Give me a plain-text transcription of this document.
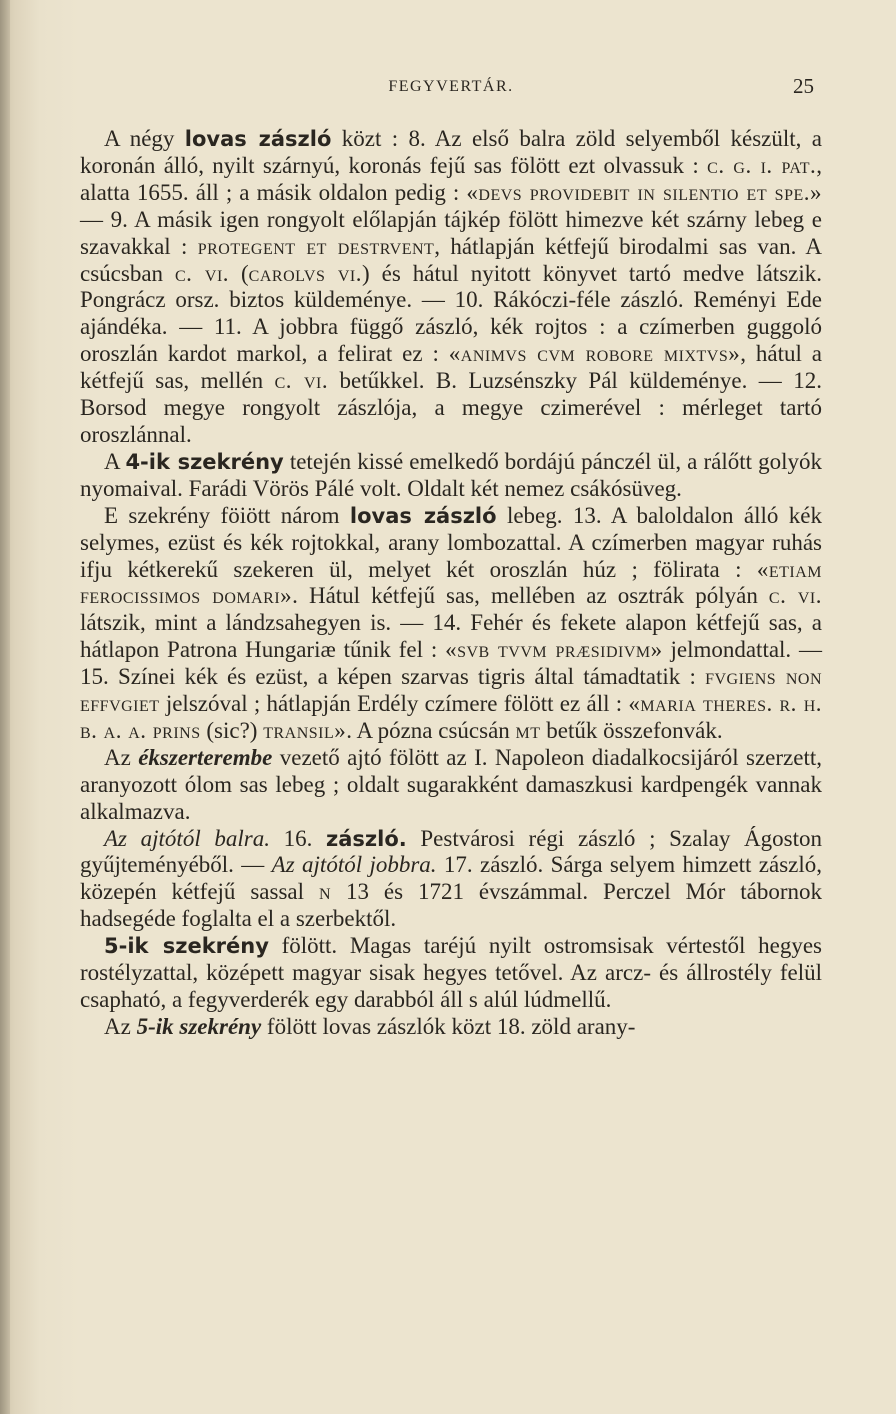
FEGYVERTÁR.	25

A négy lovas zászló közt : 8. Az első balra zöld selyemből készült, a koronán álló, nyilt szárnyú, koronás fejű sas fölött ezt olvassuk : c. g. i. pat., alatta 1655. áll ; a másik oldalon pedig : «devs providebit in silentio et spe.» — 9. A másik igen rongyolt előlapján tájkép fölött himezve két szárny lebeg e szavakkal : protegent et destrvent, hátlapján kétfejű birodalmi sas van. A csúcsban c. vi. (carolvs vi.) és hátul nyitott könyvet tartó medve látszik. Pongrácz orsz. biztos küldeménye. — 10. Rákóczi-féle zászló. Reményi Ede ajándéka. — 11. A jobbra függő zászló, kék rojtos : a czímerben guggoló oroszlán kardot markol, a felirat ez : «animvs cvm robore mixtvs», hátul a kétfejű sas, mellén c. vi. betűkkel. B. Luzsénszky Pál küldeménye. — 12. Borsod megye rongyolt zászlója, a megye czimerével : mérleget tartó oroszlánnal.

A 4-ik szekrény tetején kissé emelkedő bordájú pánczél ül, a rálőtt golyók nyomaival. Farádi Vörös Pálé volt. Oldalt két nemez csákósüveg.

E szekrény föiött nárom lovas zászló lebeg. 13. A baloldalon álló kék selymes, ezüst és kék rojtokkal, arany lombozattal. A czímerben magyar ruhás ifju kétkerekű szekeren ül, melyet két oroszlán húz ; fölirata : «etiam ferocissimos domari». Hátul kétfejű sas, mellében az osztrák pólyán c. vi. látszik, mint a lándzsahegyen is. — 14. Fehér és fekete alapon kétfejű sas, a hátlapon Patrona Hungariæ tűnik fel : «svb tvvm præsidivm» jelmondattal. — 15. Színei kék és ezüst, a képen szarvas tigris által támadtatik : fvgiens non effvgiet jelszóval ; hátlapján Erdély czímere fölött ez áll : «maria theres. r. h. b. a. a. prins (sic?) transil». A pózna csúcsán mt betűk összefonvák.

Az ékszerterembe vezető ajtó fölött az I. Napoleon diadalkocsijáról szerzett, aranyozott ólom sas lebeg ; oldalt sugarakként damaszkusi kardpengék vannak alkalmazva.

Az ajtótól balra. 16. zászló. Pestvárosi régi zászló ; Szalay Ágoston gyűjteményéből. — Az ajtótól jobbra. 17. zászló. Sárga selyem himzett zászló, közepén kétfejű sassal n 13 és 1721 évszámmal. Perczel Mór tábornok hadsegéde foglalta el a szerbektől.

5-ik szekrény fölött. Magas taréjú nyilt ostromsisak vértestől hegyes rostélyzattal, középett magyar sisak hegyes tetővel. Az arcz- és állrostély felül csapható, a fegyverderék egy darabból áll s alúl lúdmellű.

Az 5-ik szekrény fölött lovas zászlók közt 18. zöld arany-
